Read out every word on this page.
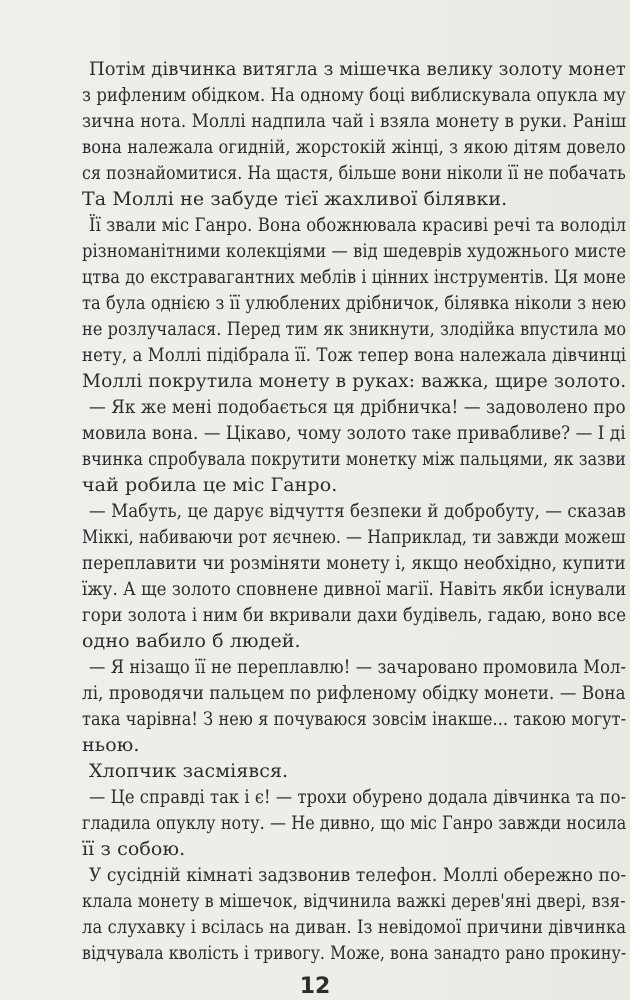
Потім дівчинка витягла з мішечка велику золоту монет
з рифленим обідком. На одному боці виблискувала опукла му
зична нота. Моллі надпила чай і взяла монету в руки. Раніш
вона належала огидній, жорстокій жінці, з якою дітям довело
ся познайомитися. На щастя, більше вони ніколи її не побачать
Та Моллі не забуде тієї жахливої білявки.
Її звали міс Ганро. Вона обожнювала красиві речі та володіл
різноманітними колекціями — від шедеврів художнього мисте
цтва до екстравагантних меблів і цінних інструментів. Ця моне
та була однією з її улюблених дрібничок, білявка ніколи з нею
не розлучалася. Перед тим як зникнути, злодійка впустила мо
нету, а Моллі підібрала її. Тож тепер вона належала дівчинці
Моллі покрутила монету в руках: важка, щире золото.
— Як же мені подобається ця дрібничка! — задоволено про
мовила вона. — Цікаво, чому золото таке привабливе? — І ді
вчинка спробувала покрутити монетку між пальцями, як зазви
чай робила це міс Ганро.
— Мабуть, це дарує відчуття безпеки й добробуту, — сказав
Міккі, набиваючи рот яєчнею. — Наприклад, ти завжди можеш
переплавити чи розміняти монету і, якщо необхідно, купити
їжу. А ще золото сповнене дивної магії. Навіть якби існували
гори золота і ним би вкривали дахи будівель, гадаю, воно все
одно вабило б людей.
— Я нізащо її не переплавлю! — зачаровано промовила Мол-
лі, проводячи пальцем по рифленому обідку монети. — Вона
така чарівна! З нею я почуваюся зовсім інакше... такою могут-
ньою.
Хлопчик засміявся.
— Це справді так і є! — трохи обурено додала дівчинка та по-
гладила опуклу ноту. — Не дивно, що міс Ганро завжди носила
її з собою.
У сусідній кімнаті задзвонив телефон. Моллі обережно по-
клала монету в мішечок, відчинила важкі дерев'яні двері, взя-
ла слухавку і всілась на диван. Із невідомої причини дівчинка
відчувала кволість і тривогу. Може, вона занадто рано прокину-
12
